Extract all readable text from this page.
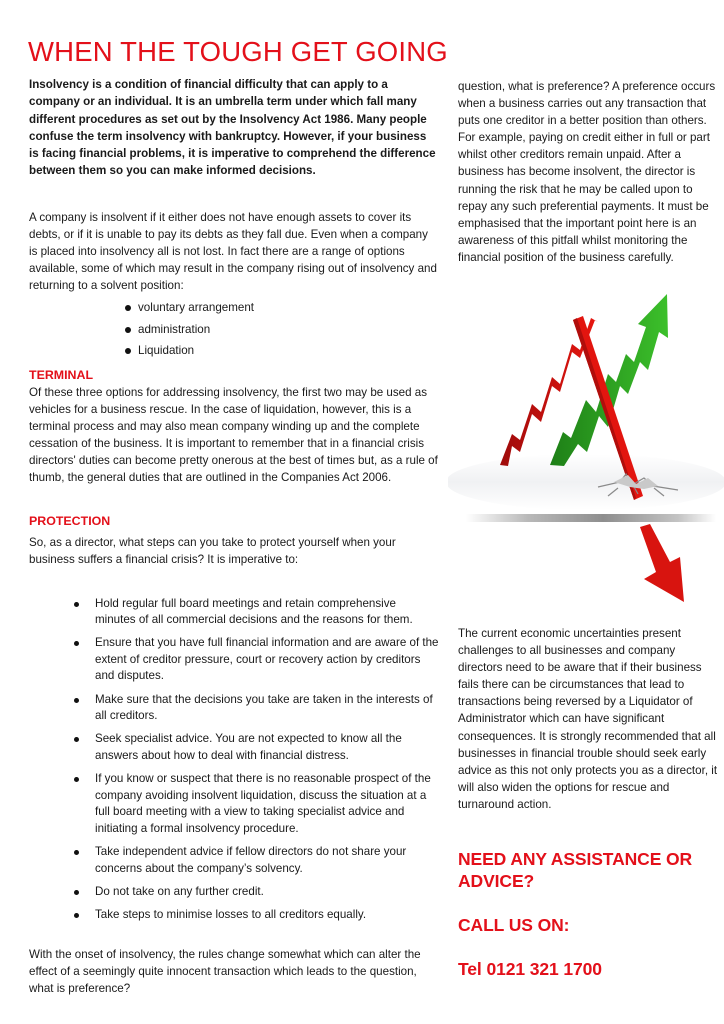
WHEN THE TOUGH GET GOING

Insolvency is a condition of financial difficulty that can apply to a company or an individual. It is an umbrella term under which fall many different procedures as set out by the Insolvency Act 1986. Many people confuse the term insolvency with bankruptcy. However, if your business is facing financial problems, it is imperative to comprehend the difference between them so you can make informed decisions.

A company is insolvent if it either does not have enough assets to cover its debts, or if it is unable to pay its debts as they fall due. Even when a company is placed into insolvency all is not lost. In fact there are a range of options available, some of which may result in the company rising out of insolvency and returning to a solvent position:

voluntary arrangement
administration
Liquidation
TERMINAL

Of these three options for addressing insolvency, the first two may be used as vehicles for a business rescue. In the case of liquidation, however, this is a terminal process and may also mean company winding up and the complete cessation of the business. It is important to remember that in a financial crisis directors' duties can become pretty onerous at the best of times but, as a rule of thumb, the general duties that are outlined in the Companies Act 2006.

PROTECTION

So, as a director, what steps can you take to protect yourself when your business suffers a financial crisis? It is imperative to:

Hold regular full board meetings and retain comprehensive minutes of all commercial decisions and the reasons for them.
Ensure that you have full financial information and are aware of the extent of creditor pressure, court or recovery action by creditors and disputes.
Make sure that the decisions you take are taken in the interests of all creditors.
Seek specialist advice. You are not expected to know all the answers about how to deal with financial distress.
If you know or suspect that there is no reasonable prospect of the company avoiding insolvent liquidation, discuss the situation at a full board meeting with a view to taking specialist advice and initiating a formal insolvency procedure.
Take independent advice if fellow directors do not share your concerns about the company’s solvency.
Do not take on any further credit.
Take steps to minimise losses to all creditors equally.

With the onset of insolvency, the rules change somewhat which can alter the effect of a seemingly quite innocent transaction which leads to the question, what is preference?

question, what is preference? A preference occurs when a business carries out any transaction that puts one creditor in a better position than others. For example, paying on credit either in full or part whilst other creditors remain unpaid. After a business has become insolvent, the director is running the risk that he may be called upon to repay any such preferential payments. It must be emphasised that the important point here is an awareness of this pitfall whilst monitoring the financial position of the business carefully.

The current economic uncertainties present challenges to all businesses and company directors need to be aware that if their business fails there can be circumstances that lead to transactions being reversed by a Liquidator of Administrator which can have significant consequences. It is strongly recommended that all businesses in financial trouble should seek early advice as this not only protects you as a director, it will also widen the options for rescue and turnaround action.

NEED ANY ASSISTANCE OR ADVICE?

CALL US ON:

Tel 0121 321 1700
